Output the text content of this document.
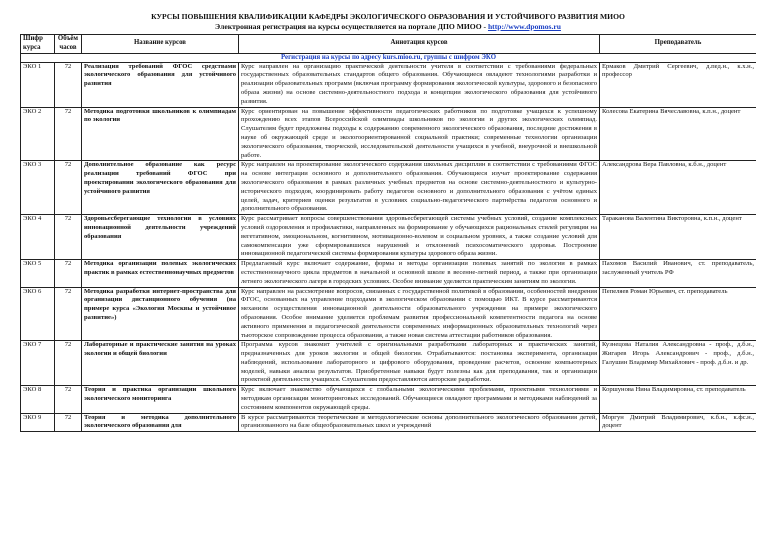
КУРСЫ ПОВЫШЕНИЯ КВАЛИФИКАЦИИ КАФЕДРЫ ЭКОЛОГИЧЕСКОГО ОБРАЗОВАНИЯ И УСТОЙЧИВОГО РАЗВИТИЯ МИОО
Электронная регистрация на курсы осуществляется на портале ДПО МИОО - http://www.dpomos.ru
Шифр курса	Объём часов	Название курсов	Аннотация курсов	Преподаватель
Регистрация на курсы по адресу kurs.mioo.ru, группы с шифром ЭКО				
ЭКО 1	72	Реализация требований ФГОС средствами экологического образования для устойчивого развития	Курс направлен на организацию практической деятельности учителя в соответствии с требованиями федеральных государственных образовательных стандартов общего образования. Обучающиеся овладеют технологиями разработки и реализации образовательных программ (включая программу формирования экологической культуры, здорового и безопасного образа жизни) на основе системно-деятельностного подхода и концепции экологического образования для устойчивого развития.	Ермаков Дмитрий Сергеевич, д.пед.н., к.х.н., профессор
ЭКО 2	72	Методика подготовки школьников к олимпиадам по экологии	Курс ориентирован на повышение эффективности педагогических работников по подготовке учащихся к успешному прохождению всех этапов Всероссийской олимпиады школьников по экологии и других экологических олимпиад. Слушателям будет предложены подходы к содержанию современного экологического образования, последние достижения в науке об окружающей среде и экологоориентированной социальной практики; современные технологии организации экологического образования, творческой, исследовательской деятельности учащихся в учебной, внеурочной и внешкольной работе.	Колесова Екатерина Вячеславовна, к.п.н., доцент
ЭКО 3	72	Дополнительное образование как ресурс реализации требований ФГОС при проектировании экологического образования для устойчивого развития	Курс направлен на проектирование экологического содержания школьных дисциплин в соответствии с требованиями ФГОС на основе интеграции основного и дополнительного образования. Обучающиеся изучат проектирование содержания экологического образования в рамках различных учебных предметов на основе системно-деятельностного и культурно-исторического подходов, координировать работу педагогов основного и дополнительного образования с учётом единых целей, задач, критериев оценки результатов в условиях социально-педагогического партнёрства педагогов основного и дополнительного образования.	Александрова Вера Павловна, к.б.н., доцент
ЭКО 4	72	Здоровьесберегающие технологии в условиях инновационной деятельности учреждений образования	Курс рассматривает вопросы совершенствования здоровьесберегающей системы учебных условий, создание комплексных условий оздоровления и профилактики, направленных на формирование у обучающихся рациональных стилей регуляции на вегетативном, эмоциональном, когнитивном, мотивационно-волевом и социальном уровнях, а также создание условий для самокомпенсации уже сформировавшихся нарушений и отклонений психосоматического здоровья. Построение инновационной педагогической системы формирования культуры здорового образа жизни.	Тараканова Валентина Викторовна, к.п.н., доцент
ЭКО 5	72	Методика организации полевых экологических практик в рамках естественнонаучных предметов	Предлагаемый курс включает содержание, формы и методы организации полевых занятий по экологии в рамках естественнонаучного цикла предметов в начальной и основной школе в весенне-летний период, а также при организации летнего экологического лагеря в городских условиях. Особое внимание уделяется практическим занятиям по экологии.	Пахомов Василий Иванович, ст. преподаватель, заслуженный учитель РФ
ЭКО 6	72	Методика разработки интернет-пространства для организации дистанционного обучения (на примере курса «Экология Москвы и устойчивое развитие»)	Курс направлен на рассмотрение вопросов, связанных с государственной политикой в образовании, особенностей внедрения ФГОС, основанных на управление подходами в экологическом образовании с помощью ИКТ. В курсе рассматриваются механизм осуществления инновационной деятельности образовательного учреждения на примере экологического образования. Особое внимание уделяется проблемам развития профессиональной компетентности педагога на основе активного применения в педагогической деятельности современных информационных образовательных технологий через тьюторское сопровождение процесса образования, а также новая система аттестации работников образования.	Пепеляев Роман Юрьевич, ст. преподаватель
ЭКО 7	72	Лабораторные и практические занятия на уроках экологии и общей биологии	Программа курсов знакомит учителей с оригинальными разработками лабораторных и практических занятий, предназначенных для уроков экологии и общей биологии. Отрабатываются: постановка эксперимента, организация наблюдений, использование лабораторного и цифрового оборудования, проведение расчетов, освоение компьютерных моделей, навыки анализа результатов. Приобретенные навыки будут полезны как для преподавания, так и организации проектной деятельности учащихся. Слушателям предоставляются авторские разработки.	Кузнецова Наталия Александровна - проф., д.б.н., Жигарев Игорь Александрович - проф., д.б.н., Галушин Владимир Михайлович - проф. д.б.н. и др.
ЭКО 8	72	Теория и практика организации школьного экологического мониторинга	Курс включает знакомство обучающихся с глобальными экологическими проблемами, проектными технологиями и методикам организации мониторинговых исследований. Обучающиеся овладеют программами и методиками наблюдений за состоянием компонентов окружающей среды.	Коршунова Нина Владимировна, ст. преподаватель
ЭКО 9	72	Теория и методика дополнительного экологического образования для	В курсе рассматриваются теоретические и методологические основы дополнительного экологического образования детей, организованного на базе общеобразовательных школ и учреждений	Моргун Дмитрий Владимирович, к.б.н., к.фс.н., доцент
